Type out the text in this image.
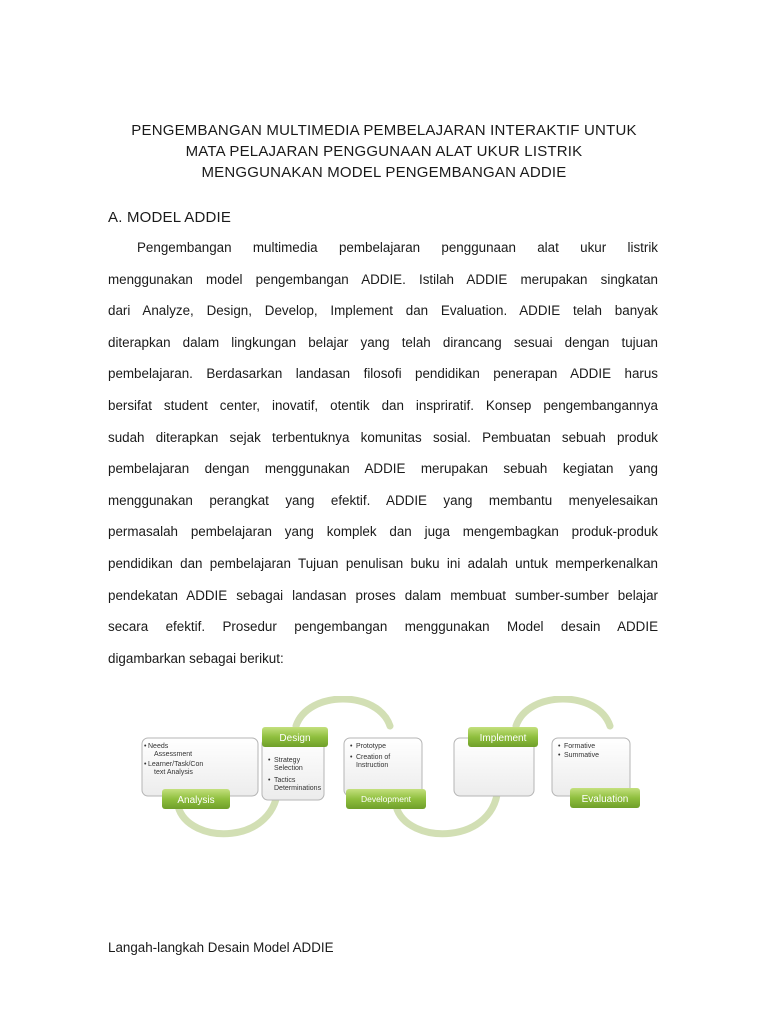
PENGEMBANGAN MULTIMEDIA PEMBELAJARAN INTERAKTIF UNTUK
MATA PELAJARAN PENGGUNAAN ALAT UKUR LISTRIK
MENGGUNAKAN MODEL PENGEMBANGAN ADDIE
A. MODEL ADDIE
Pengembangan multimedia pembelajaran penggunaan alat ukur listrik
menggunakan model pengembangan ADDIE. Istilah ADDIE merupakan singkatan
dari Analyze, Design, Develop, Implement dan Evaluation. ADDIE telah banyak
diterapkan dalam lingkungan belajar yang telah dirancang sesuai dengan tujuan
pembelajaran. Berdasarkan landasan filosofi pendidikan penerapan ADDIE harus
bersifat student center, inovatif, otentik dan inspriratif. Konsep pengembangannya
sudah diterapkan sejak terbentuknya komunitas sosial. Pembuatan sebuah produk
pembelajaran dengan menggunakan ADDIE merupakan sebuah kegiatan yang
menggunakan perangkat yang efektif. ADDIE yang membantu menyelesaikan
permasalah pembelajaran yang komplek dan juga mengembagkan produk-produk
pendidikan dan pembelajaran Tujuan penulisan buku ini adalah untuk memperkenalkan
pendekatan ADDIE sebagai landasan proses dalam membuat sumber-sumber belajar
secara efektif. Prosedur pengembangan menggunakan Model desain ADDIE
digambarkan sebagai berikut:
Needs Assessment Learner/Task/Con text Analysis
• •
Analysis
• • Strategy Selection Tactics Determinations
Design
• • Prototype Creation of Instruction
Development
Implement
• • Formative Summative
Evaluation
Langah-langkah Desain Model ADDIE
